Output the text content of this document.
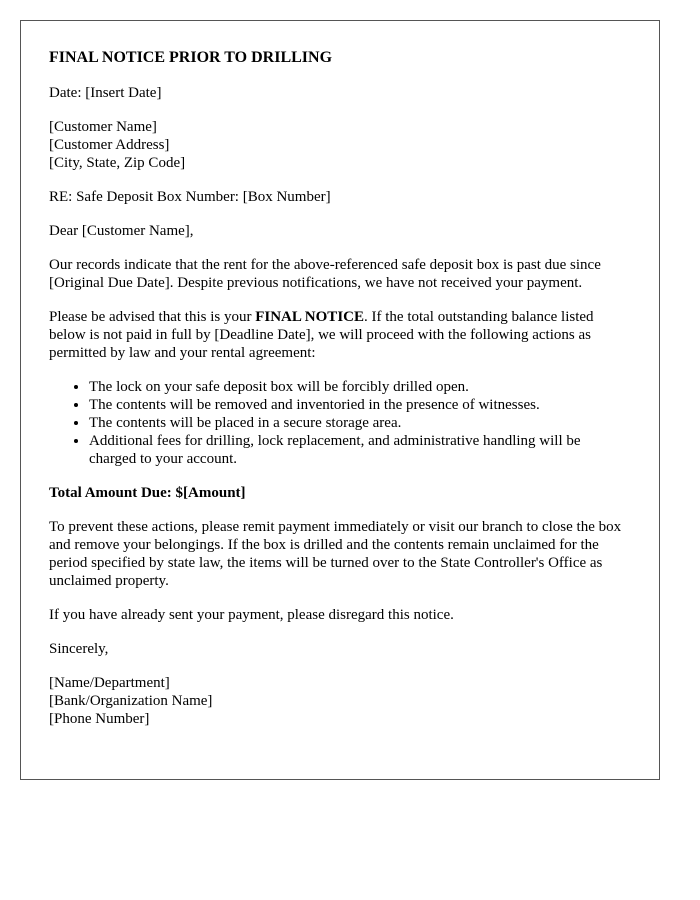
FINAL NOTICE PRIOR TO DRILLING

Date: [Insert Date]

[Customer Name]

[Customer Address]

[City, State, Zip Code]

RE: Safe Deposit Box Number: [Box Number]

Dear [Customer Name],

Our records indicate that the rent for the above-referenced safe deposit box is past due since [Original Due Date]. Despite previous notifications, we have not received your payment.

Please be advised that this is your FINAL NOTICE. If the total outstanding balance listed below is not paid in full by [Deadline Date], we will proceed with the following actions as permitted by law and your rental agreement:

• The lock on your safe deposit box will be forcibly drilled open.
• The contents will be removed and inventoried in the presence of witnesses.
• The contents will be placed in a secure storage area.
• Additional fees for drilling, lock replacement, and administrative handling will be charged to your account.

Total Amount Due: $[Amount]

To prevent these actions, please remit payment immediately or visit our branch to close the box and remove your belongings. If the box is drilled and the contents remain unclaimed for the period specified by state law, the items will be turned over to the State Controller's Office as unclaimed property.

If you have already sent your payment, please disregard this notice.

Sincerely,

[Name/Department]

[Bank/Organization Name]

[Phone Number]
